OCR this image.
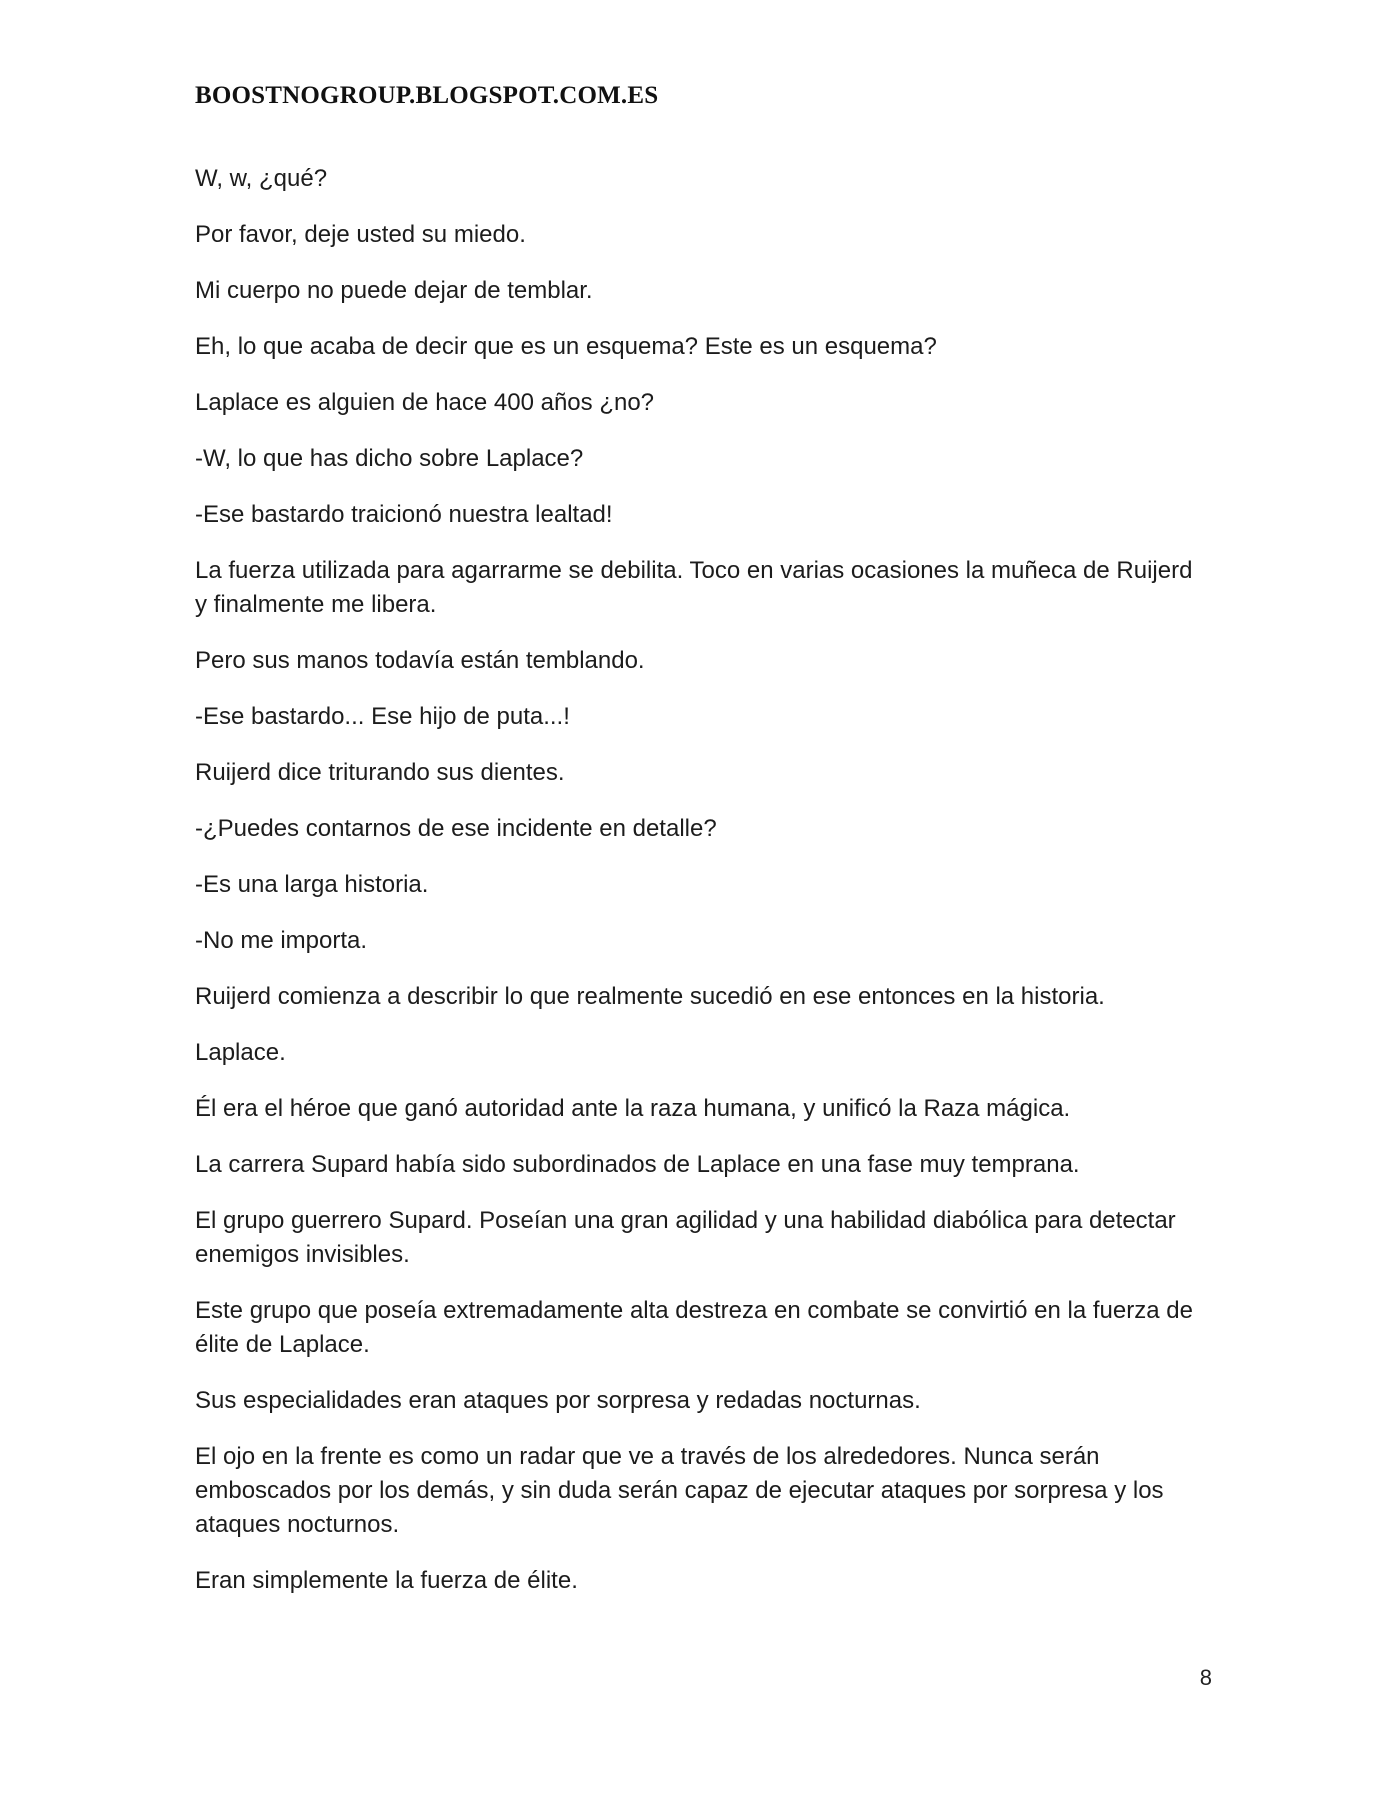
BOOSTNOGROUP.BLOGSPOT.COM.ES

W, w, ¿qué?

Por favor, deje usted su miedo.

Mi cuerpo no puede dejar de temblar.

Eh, lo que acaba de decir que es un esquema? Este es un esquema?

Laplace es alguien de hace 400 años ¿no?

-W, lo que has dicho sobre Laplace?

-Ese bastardo traicionó nuestra lealtad!

La fuerza utilizada para agarrarme se debilita. Toco en varias ocasiones la muñeca de Ruijerd y finalmente me libera.

Pero sus manos todavía están temblando.

-Ese bastardo... Ese hijo de puta...!

Ruijerd dice triturando sus dientes.

-¿Puedes contarnos de ese incidente en detalle?

-Es una larga historia.

-No me importa.

Ruijerd comienza a describir lo que realmente sucedió en ese entonces en la historia.

Laplace.

Él era el héroe que ganó autoridad ante la raza humana, y unificó la Raza mágica.

La carrera Supard había sido subordinados de Laplace en una fase muy temprana.

El grupo guerrero Supard. Poseían una gran agilidad y una habilidad diabólica para detectar enemigos invisibles.

Este grupo que poseía extremadamente alta destreza en combate se convirtió en la fuerza de élite de Laplace.

Sus especialidades eran ataques por sorpresa y redadas nocturnas.

El ojo en la frente es como un radar que ve a través de los alrededores. Nunca serán emboscados por los demás, y sin duda serán capaz de ejecutar ataques por sorpresa y los ataques nocturnos.

Eran simplemente la fuerza de élite.

8
